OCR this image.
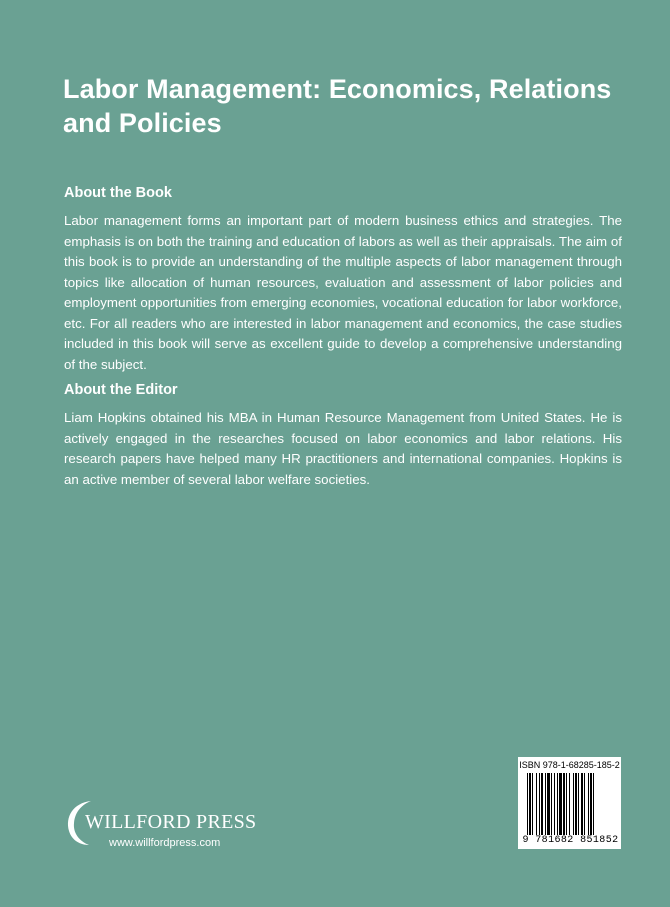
Labor Management: Economics, Relations and Policies
About the Book
Labor management forms an important part of modern business ethics and strategies. The emphasis is on both the training and education of labors as well as their appraisals. The aim of this book is to provide an understanding of the multiple aspects of labor management through topics like allocation of human resources, evaluation and assessment of labor policies and employment opportunities from emerging economies, vocational education for labor workforce, etc. For all readers who are interested in labor management and economics, the case studies included in this book will serve as excellent guide to develop a comprehensive understanding of the subject.
About the Editor
Liam Hopkins obtained his MBA in Human Resource Management from United States. He is actively engaged in the researches focused on labor economics and labor relations. His research papers have helped many HR practitioners and international companies. Hopkins is an active member of several labor welfare societies.
WILLFORD PRESS
www.willfordpress.com
ISBN 978-1-68285-185-2
9 781682 851852
